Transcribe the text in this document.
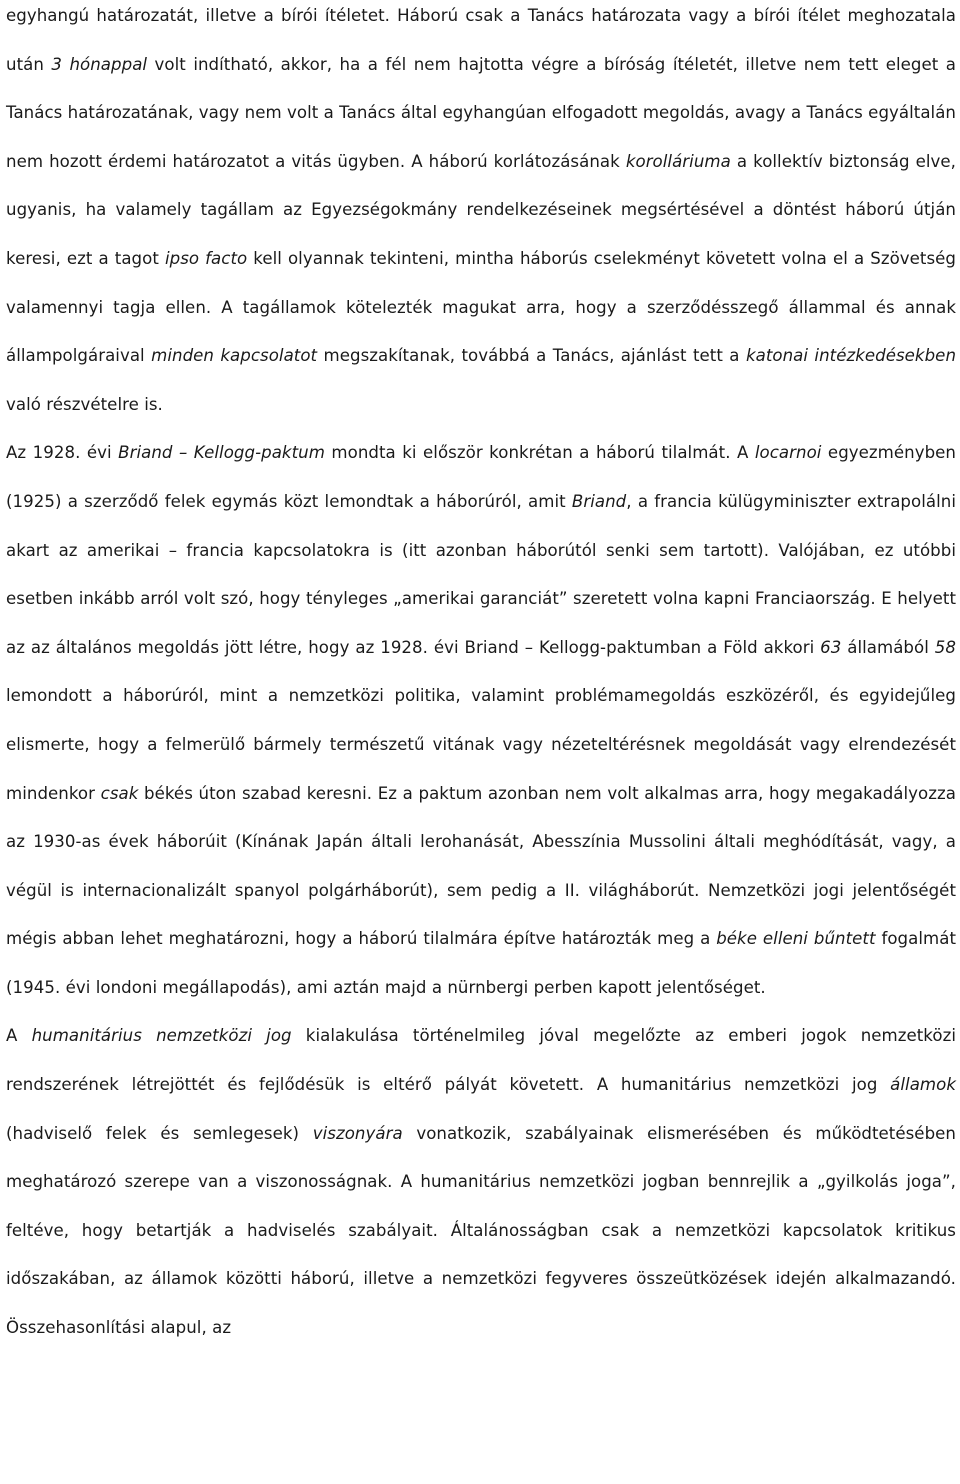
egyhangú határozatát, illetve a bírói ítéletet. Háború csak a Tanács határozata vagy a bírói ítélet meghozatala után 3 hónappal volt indítható, akkor, ha a fél nem hajtotta végre a bíróság ítéletét, illetve nem tett eleget a Tanács határozatának, vagy nem volt a Tanács által egyhangúan elfogadott megoldás, avagy a Tanács egyáltalán nem hozott érdemi határozatot a vitás ügyben. A háború korlátozásának korolláriuma a kollektív biztonság elve, ugyanis, ha valamely tagállam az Egyezségokmány rendelkezéseinek megsértésével a döntést háború útján keresi, ezt a tagot ipso facto kell olyannak tekinteni, mintha háborús cselekményt követett volna el a Szövetség valamennyi tagja ellen. A tagállamok kötelezték magukat arra, hogy a szerződésszegő állammal és annak állampolgáraival minden kapcsolatot megszakítanak, továbbá a Tanács, ajánlást tett a katonai intézkedésekben való részvételre is.

Az 1928. évi Briand – Kellogg-paktum mondta ki először konkrétan a háború tilalmát. A locarnoi egyezményben (1925) a szerződő felek egymás közt lemondtak a háborúról, amit Briand, a francia külügyminiszter extrapolálni akart az amerikai – francia kapcsolatokra is (itt azonban háborútól senki sem tartott). Valójában, ez utóbbi esetben inkább arról volt szó, hogy tényleges „amerikai garanciát” szeretett volna kapni Franciaország. E helyett az az általános megoldás jött létre, hogy az 1928. évi Briand – Kellogg-paktumban a Föld akkori 63 államából 58 lemondott a háborúról, mint a nemzetközi politika, valamint problémamegoldás eszközéről, és egyidejűleg elismerte, hogy a felmerülő bármely természetű vitának vagy nézeteltérésnek megoldását vagy elrendezését mindenkor csak békés úton szabad keresni. Ez a paktum azonban nem volt alkalmas arra, hogy megakadályozza az 1930-as évek háborúit (Kínának Japán általi lerohanását, Abesszínia Mussolini általi meghódítását, vagy, a végül is internacionalizált spanyol polgárháborút), sem pedig a II. világháborút. Nemzetközi jogi jelentőségét mégis abban lehet meghatározni, hogy a háború tilalmára építve határozták meg a béke elleni bűntett fogalmát (1945. évi londoni megállapodás), ami aztán majd a nürnbergi perben kapott jelentőséget.

A humanitárius nemzetközi jog kialakulása történelmileg jóval megelőzte az emberi jogok nemzetközi rendszerének létrejöttét és fejlődésük is eltérő pályát követett. A humanitárius nemzetközi jog államok (hadviselő felek és semlegesek) viszonyára vonatkozik, szabályainak elismerésében és működtetésében meghatározó szerepe van a viszonosságnak. A humanitárius nemzetközi jogban bennrejlik a „gyilkolás joga”, feltéve, hogy betartják a hadviselés szabályait. Általánosságban csak a nemzetközi kapcsolatok kritikus időszakában, az államok közötti háború, illetve a nemzetközi fegyveres összeütközések idején alkalmazandó. Összehasonlítási alapul, az
